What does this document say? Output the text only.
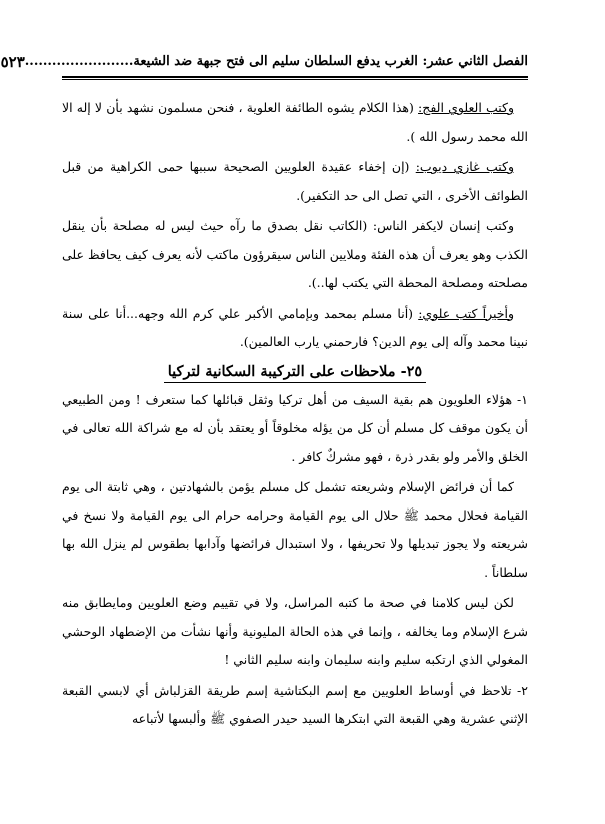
الفصل الثاني عشر: الغرب يدفع السلطان سليم الى فتح جبهة ضد الشيعة........................
٥٢٣

وكتب العلوي الفج: (هذا الكلام يشوه الطائفة العلوية ، فنحن مسلمون نشهد بأن لا إله الا الله محمد رسول الله ).

وكتب غازي ديوب: (إن إخفاء عقيدة العلويين الصحيحة سببها حمى الكراهية من قبل الطوائف الأخرى ، التي تصل الى حد التكفير).

وكتب إنسان لايكفر الناس: (الكاتب نقل بصدق ما رآه حيث ليس له مصلحة بأن ينقل الكذب وهو يعرف أن هذه الفئة وملايين الناس سيقرؤون ماكتب لأنه يعرف كيف يحافظ على مصلحته ومصلحة المحطة التي يكتب لها..).

وأخيراً كتب علوي: (أنا مسلم بمحمد وبإمامي الأكبر علي كرم الله وجهه...أنا على سنة نبينا محمد وآله إلى يوم الدين؟ فارحمني يارب العالمين).

٢٥- ملاحظات على التركيبة السكانية لتركيا

١- هؤلاء العلويون هم بقية السيف من أهل تركيا وثقل قبائلها كما ستعرف ! ومن الطبيعي أن يكون موقف كل مسلم أن كل من يؤله مخلوقاً أو يعتقد بأن له مع شراكة الله تعالى في الخلق والأمر ولو بقدر ذرة ، فهو مشركٌ كافر .

كما أن فرائض الإسلام وشريعته تشمل كل مسلم يؤمن بالشهادتين ، وهي ثابتة الى يوم القيامة فحلال محمد ﷺ حلال الى يوم القيامة وحرامه حرام الى يوم القيامة ولا نسخ في شريعته ولا يجوز تبديلها ولا تحريفها ، ولا استبدال فرائضها وآدابها بطقوس لم ينزل الله بها سلطاناً .

لكن ليس كلامنا في صحة ما كتبه المراسل، ولا في تقييم وضع العلويين ومايطابق منه شرع الإسلام وما يخالفه ، وإنما في هذه الحالة المليونية وأنها نشأت من الإضطهاد الوحشي المغولي الذي ارتكبه سليم وابنه سليمان وابنه سليم الثاني !

٢- تلاحظ في أوساط العلويين مع إسم البكتاشية إسم طريقة القزلباش أي لابسي القبعة الإثني عشرية وهي القبعة التي ابتكرها السيد حيدر الصفوي ﷺ وألبسها لأتباعه
